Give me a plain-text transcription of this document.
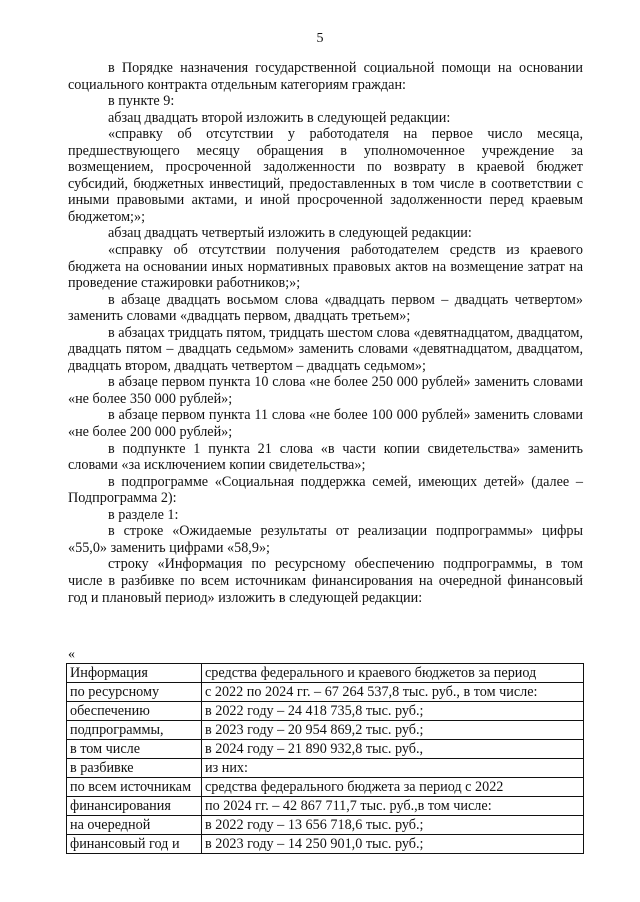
5

в Порядке назначения государственной социальной помощи на основании социального контракта отдельным категориям граждан:

в пункте 9:

абзац двадцать второй изложить в следующей редакции:

«справку об отсутствии у работодателя на первое число месяца, предшествующего месяцу обращения в уполномоченное учреждение за возмещением, просроченной задолженности по возврату в краевой бюджет субсидий, бюджетных инвестиций, предоставленных в том числе в соответствии с иными правовыми актами, и иной просроченной задолженности перед краевым бюджетом;»;

абзац двадцать четвертый изложить в следующей редакции:

«справку об отсутствии получения работодателем средств из краевого бюджета на основании иных нормативных правовых актов на возмещение затрат на проведение стажировки работников;»;

в абзаце двадцать восьмом слова «двадцать первом – двадцать четвертом» заменить словами «двадцать первом, двадцать третьем»;

в абзацах тридцать пятом, тридцать шестом слова «девятнадцатом, двадцатом, двадцать пятом – двадцать седьмом» заменить словами «девятнадцатом, двадцатом, двадцать втором, двадцать четвертом – двадцать седьмом»;

в абзаце первом пункта 10 слова «не более 250 000 рублей» заменить словами «не более 350 000 рублей»;

в абзаце первом пункта 11 слова «не более 100 000 рублей» заменить словами «не более 200 000 рублей»;

в подпункте 1 пункта 21 слова «в части копии свидетельства» заменить словами «за исключением копии свидетельства»;

в подпрограмме «Социальная поддержка семей, имеющих детей» (далее – Подпрограмма 2):

в разделе 1:

в строке «Ожидаемые результаты от реализации подпрограммы» цифры «55,0» заменить цифрами «58,9»;

строку «Информация по ресурсному обеспечению подпрограммы, в том числе в разбивке по всем источникам финансирования на очередной финансовый год и плановый период» изложить в следующей редакции:

«
Информация	средства федерального и краевого бюджетов за период
по ресурсному	с 2022 по 2024 гг. – 67 264 537,8 тыс. руб., в том числе:
обеспечению	в 2022 году – 24 418 735,8 тыс. руб.;
подпрограммы,	в 2023 году – 20 954 869,2 тыс. руб.;
в том числе	в 2024 году – 21 890 932,8 тыс. руб.,
в разбивке	из них:
по всем источникам	средства федерального бюджета за период с 2022
финансирования	по 2024 гг. – 42 867 711,7 тыс. руб.,в том числе:
на очередной	в 2022 году – 13 656 718,6 тыс. руб.;
финансовый год и	в 2023 году – 14 250 901,0 тыс. руб.;
